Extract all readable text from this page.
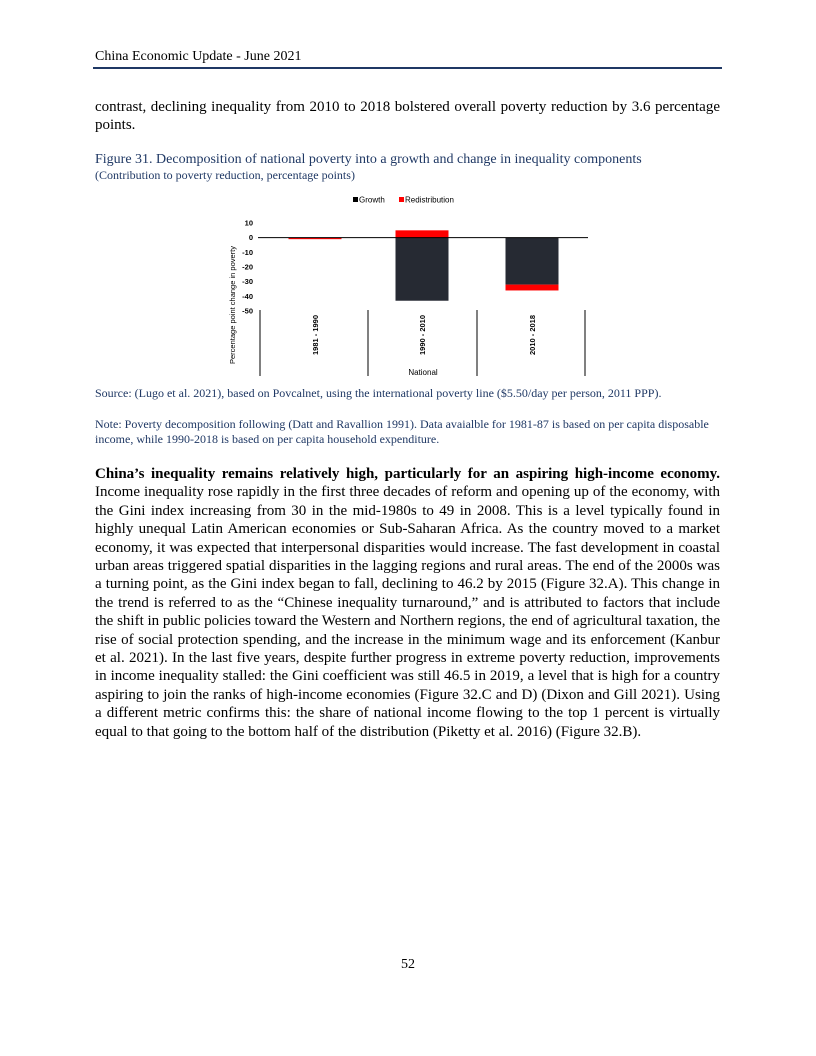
China Economic Update - June 2021
contrast, declining inequality from 2010 to 2018 bolstered overall poverty reduction by 3.6 percentage points.
Figure 31. Decomposition of national poverty into a growth and change in inequality components
(Contribution to poverty reduction, percentage points)
Growth	Redistribution
Percentage point change in poverty
10
0
-10
-20
-30
-40
-50
1981 - 1990	1990 - 2010	2010 - 2018
National
Source: (Lugo et al. 2021), based on Povcalnet, using the international poverty line ($5.50/day per person, 2011 PPP).
Note: Poverty decomposition following (Datt and Ravallion 1991). Data avaialble for 1981-87 is based on per capita disposable income, while 1990-2018 is based on per capita household expenditure.
China’s inequality remains relatively high, particularly for an aspiring high-income economy. Income inequality rose rapidly in the first three decades of reform and opening up of the economy, with the Gini index increasing from 30 in the mid-1980s to 49 in 2008. This is a level typically found in highly unequal Latin American economies or Sub-Saharan Africa. As the country moved to a market economy, it was expected that interpersonal disparities would increase. The fast development in coastal urban areas triggered spatial disparities in the lagging regions and rural areas. The end of the 2000s was a turning point, as the Gini index began to fall, declining to 46.2 by 2015 (Figure 32.A). This change in the trend is referred to as the “Chinese inequality turnaround,” and is attributed to factors that include the shift in public policies toward the Western and Northern regions, the end of agricultural taxation, the rise of social protection spending, and the increase in the minimum wage and its enforcement (Kanbur et al. 2021). In the last five years, despite further progress in extreme poverty reduction, improvements in income inequality stalled: the Gini coefficient was still 46.5 in 2019, a level that is high for a country aspiring to join the ranks of high-income economies (Figure 32.C and D) (Dixon and Gill 2021). Using a different metric confirms this: the share of national income flowing to the top 1 percent is virtually equal to that going to the bottom half of the distribution (Piketty et al. 2016) (Figure 32.B).
52
